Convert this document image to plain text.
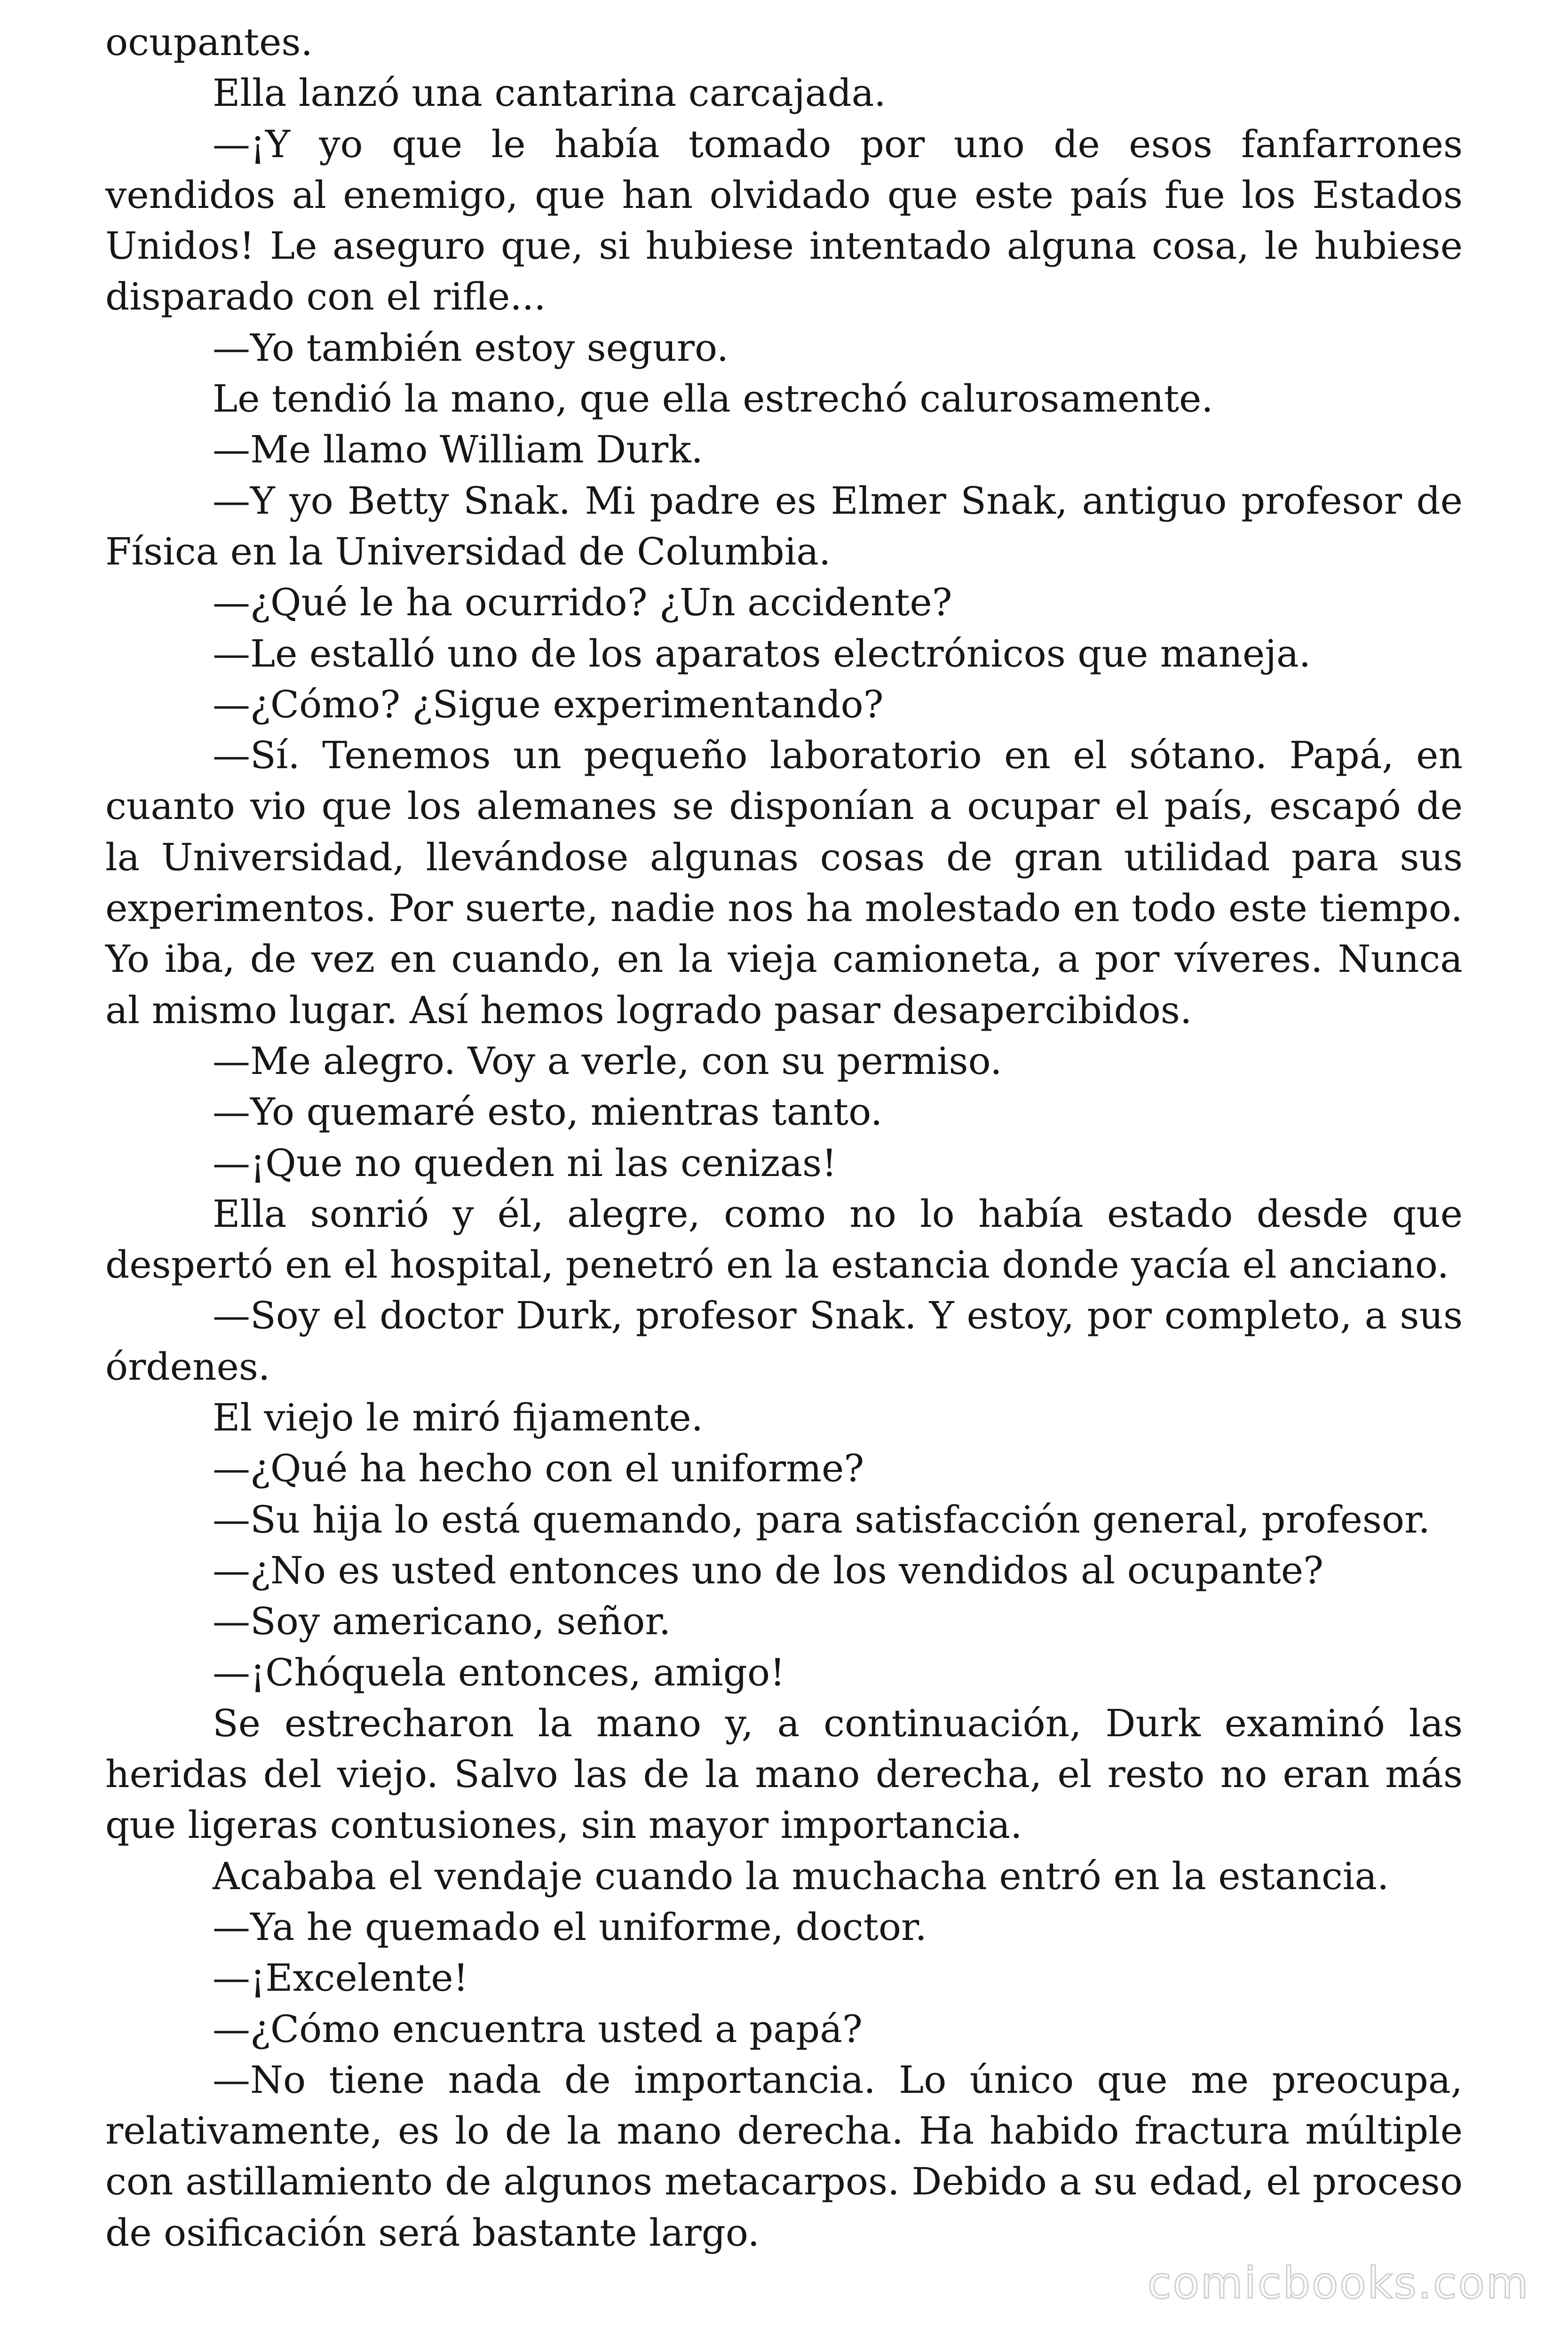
ocupantes.

Ella lanzó una cantarina carcajada.

—¡Y yo que le había tomado por uno de esos fanfarrones vendidos al enemigo, que han olvidado que este país fue los Estados Unidos! Le aseguro que, si hubiese intentado alguna cosa, le hubiese disparado con el rifle...

—Yo también estoy seguro.

Le tendió la mano, que ella estrechó calurosamente.

—Me llamo William Durk.

—Y yo Betty Snak. Mi padre es Elmer Snak, antiguo profesor de Física en la Universidad de Columbia.

—¿Qué le ha ocurrido? ¿Un accidente?

—Le estalló uno de los aparatos electrónicos que maneja.

—¿Cómo? ¿Sigue experimentando?

—Sí. Tenemos un pequeño laboratorio en el sótano. Papá, en cuanto vio que los alemanes se disponían a ocupar el país, escapó de la Universidad, llevándose algunas cosas de gran utilidad para sus experimentos. Por suerte, nadie nos ha molestado en todo este tiempo. Yo iba, de vez en cuando, en la vieja camioneta, a por víveres. Nunca al mismo lugar. Así hemos logrado pasar desapercibidos.

—Me alegro. Voy a verle, con su permiso.

—Yo quemaré esto, mientras tanto.

—¡Que no queden ni las cenizas!

Ella sonrió y él, alegre, como no lo había estado desde que despertó en el hospital, penetró en la estancia donde yacía el anciano.

—Soy el doctor Durk, profesor Snak. Y estoy, por completo, a sus órdenes.

El viejo le miró fijamente.

—¿Qué ha hecho con el uniforme?

—Su hija lo está quemando, para satisfacción general, profesor.

—¿No es usted entonces uno de los vendidos al ocupante?

—Soy americano, señor.

—¡Chóquela entonces, amigo!

Se estrecharon la mano y, a continuación, Durk examinó las heridas del viejo. Salvo las de la mano derecha, el resto no eran más que ligeras contusiones, sin mayor importancia.

Acababa el vendaje cuando la muchacha entró en la estancia.

—Ya he quemado el uniforme, doctor.

—¡Excelente!

—¿Cómo encuentra usted a papá?

—No tiene nada de importancia. Lo único que me preocupa, relativamente, es lo de la mano derecha. Ha habido fractura múltiple con astillamiento de algunos metacarpos. Debido a su edad, el proceso de osificación será bastante largo.

comicbooks.com
